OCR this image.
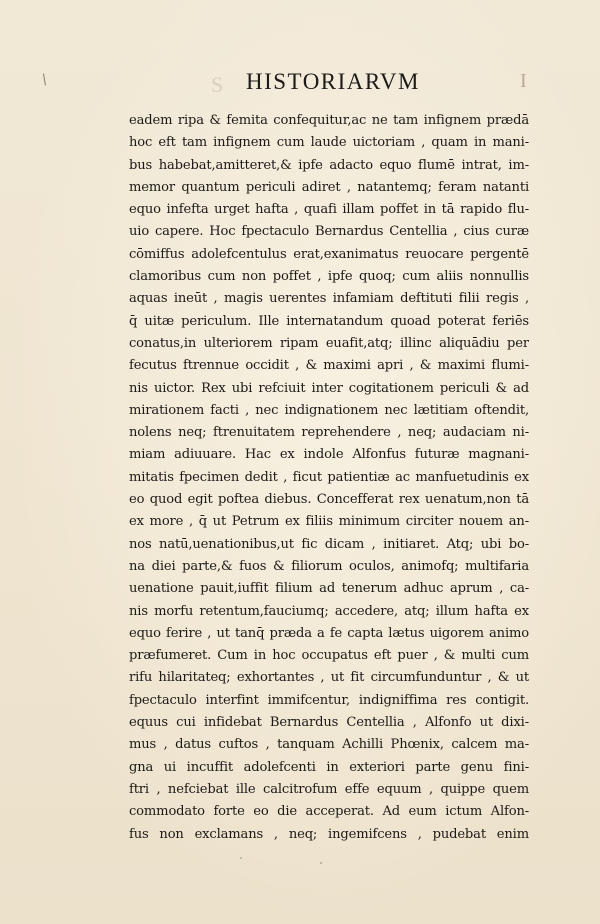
\	S HISTORIARVM	I
eadem ripa & femita confequitur,ac ne tam infignem prædā
hoc eft tam infignem cum laude uictoriam , quam in mani-
bus habebat,amitteret,& ipfe adacto equo flumē intrat, im-
memor quantum periculi adiret , natantemq; feram natanti
equo infefta urget hafta , quafi illam poffet in tā rapido flu-
uio capere. Hoc fpectaculo Bernardus Centellia , cius curæ
cōmiffus adolefcentulus erat,exanimatus reuocare pergentē
clamoribus cum non poffet , ipfe quoq; cum aliis nonnullis
aquas ineūt , magis uerentes infamiam deftituti filii regis ,
q̄ uitæ periculum. Ille internatandum quoad poterat feriēs
conatus,in ulteriorem ripam euafit,atq; illinc aliquādiu per
fecutus ftrennue occidit , & maximi apri , & maximi flumi-
nis uictor. Rex ubi refciuit inter cogitationem periculi & ad
mirationem facti , nec indignationem nec lætitiam oftendit,
nolens neq; ftrenuitatem reprehendere , neq; audaciam ni-
miam adiuuare. Hac ex indole Alfonfus futuræ magnani-
mitatis fpecimen dedit , ficut patientiæ ac manfuetudinis ex
eo quod egit poftea diebus. Concefferat rex uenatum,non tā
ex more , q̄ ut Petrum ex filiis minimum circiter nouem an-
nos natū,uenationibus,ut fic dicam , initiaret. Atq; ubi bo-
na diei parte,& fuos & filiorum oculos, animofq; multifaria
uenatione pauit,iuffit filium ad tenerum adhuc aprum , ca-
nis morfu retentum,fauciumq; accedere, atq; illum hafta ex
equo ferire , ut tanq̄ præda a fe capta lætus uigorem animo
præfumeret. Cum in hoc occupatus eft puer , & multi cum
rifu hilaritateq; exhortantes , ut fit circumfunduntur , & ut
fpectaculo interfint immifcentur, indigniffima res contigit.
equus cui infidebat Bernardus Centellia , Alfonfo ut dixi-
mus , datus cuftos , tanquam Achilli Phœnix, calcem ma-
gna ui incuffit adolefcenti in exteriori parte genu fini-
ftri , nefciebat ille calcitrofum effe equum , quippe quem
commodato forte eo die acceperat. Ad eum ictum Alfon-
fus non exclamans , neq; ingemifcens , pudebat enim
